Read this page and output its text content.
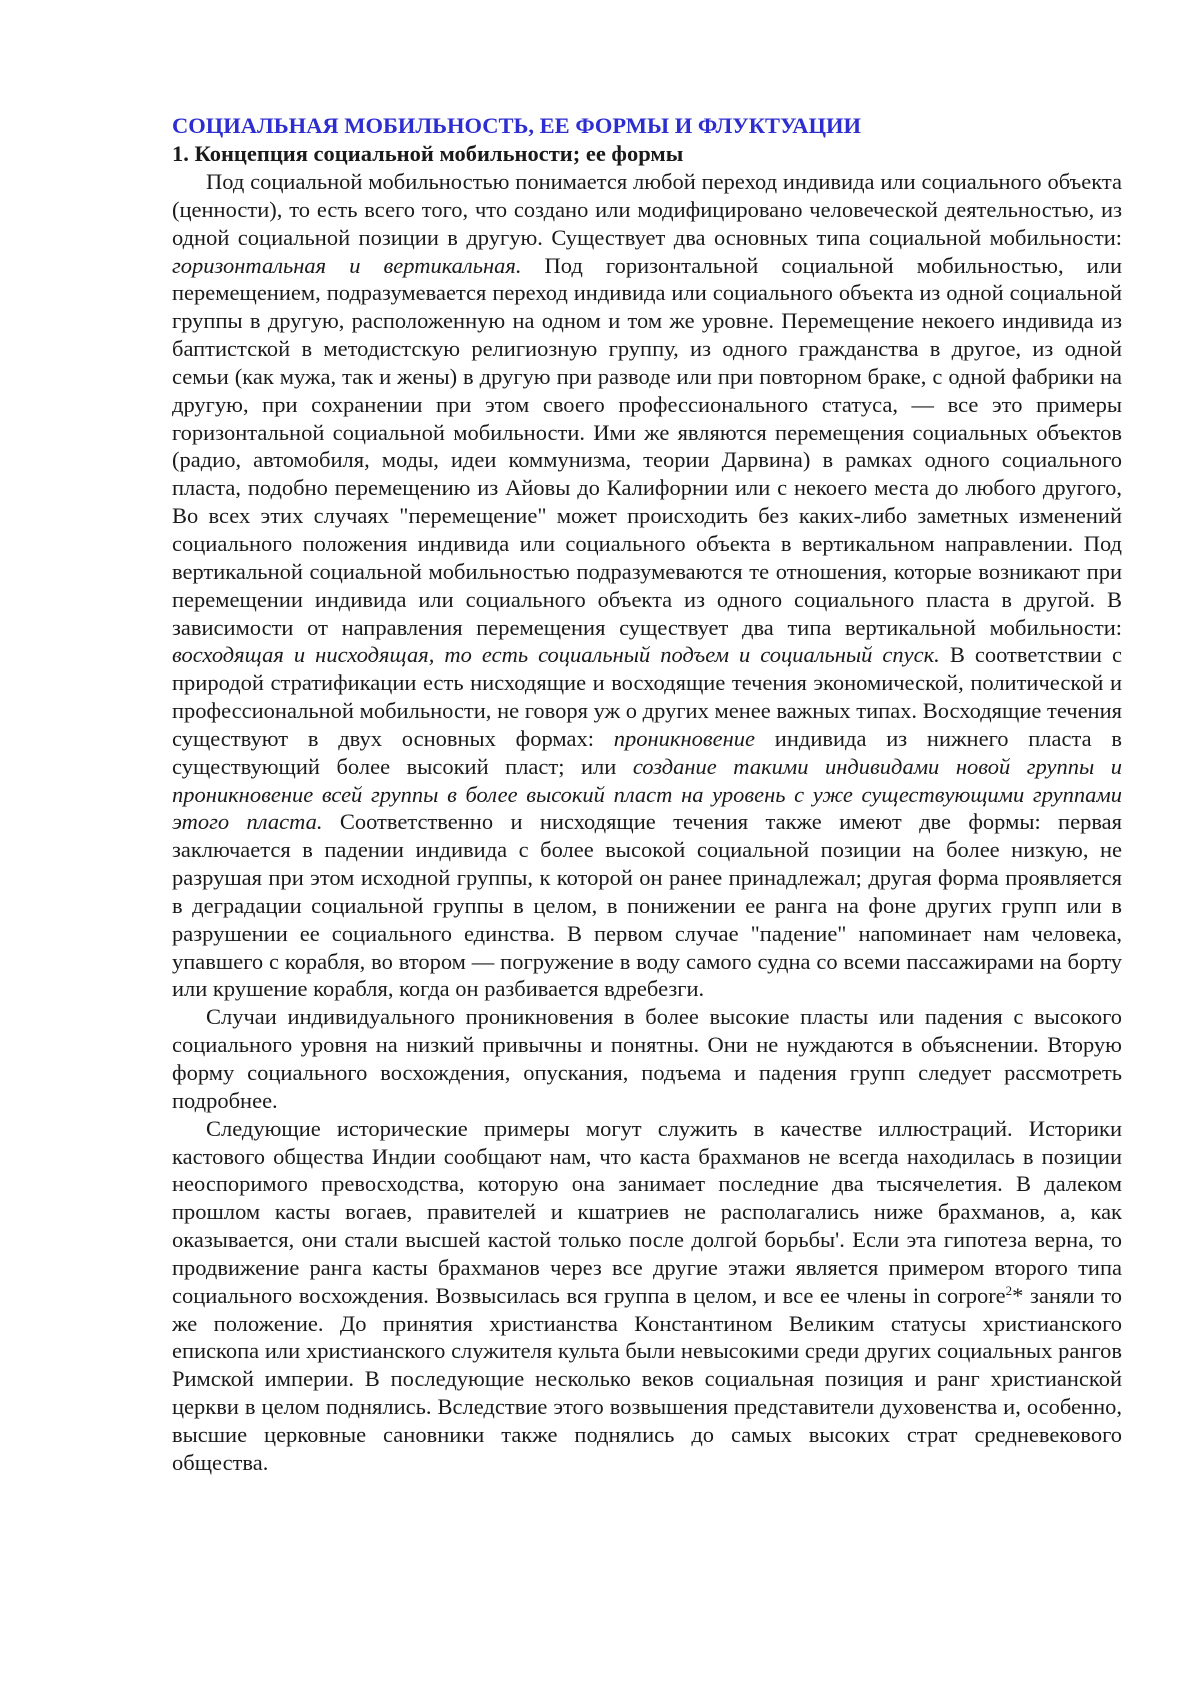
СОЦИАЛЬНАЯ МОБИЛЬНОСТЬ, ЕЕ ФОРМЫ И ФЛУКТУАЦИИ
1. Концепция социальной мобильности; ее формы

Под социальной мобильностью понимается любой переход индивида или социального объекта (ценности), то есть всего того, что создано или модифицировано человеческой деятельностью, из одной социальной позиции в другую. Существует два основных типа социальной мобильности: горизонтальная и вертикальная. Под горизонтальной социальной мобильностью, или перемещением, подразумевается переход индивида или социального объекта из одной социальной группы в другую, расположенную на одном и том же уровне. Перемещение некоего индивида из баптистской в методистскую религиозную группу, из одного гражданства в другое, из одной семьи (как мужа, так и жены) в другую при разводе или при повторном браке, с одной фабрики на другую, при сохранении при этом своего профессионального статуса, — все это примеры горизонтальной социальной мобильности. Ими же являются перемещения социальных объектов (радио, автомобиля, моды, идеи коммунизма, теории Дарвина) в рамках одного социального пласта, подобно перемещению из Айовы до Калифорнии или с некоего места до любого другого, Во всех этих случаях "перемещение" может происходить без каких-либо заметных изменений социального положения индивида или социального объекта в вертикальном направлении. Под вертикальной социальной мобильностью подразумеваются те отношения, которые возникают при перемещении индивида или социального объекта из одного социального пласта в другой. В зависимости от направления перемещения существует два типа вертикальной мобильности: восходящая и нисходящая, то есть социальный подъем и социальный спуск. В соответствии с природой стратификации есть нисходящие и восходящие течения экономической, политической и профессиональной мобильности, не говоря уж о других менее важных типах. Восходящие течения существуют в двух основных формах: проникновение индивида из нижнего пласта в существующий более высокий пласт; или создание такими индивидами новой группы и проникновение всей группы в более высокий пласт на уровень с уже существующими группами этого пласта. Соответственно и нисходящие течения также имеют две формы: первая заключается в падении индивида с более высокой социальной позиции на более низкую, не разрушая при этом исходной группы, к которой он ранее принадлежал; другая форма проявляется в деградации социальной группы в целом, в понижении ее ранга на фоне других групп или в разрушении ее социального единства. В первом случае "падение" напоминает нам человека, упавшего с корабля, во втором — погружение в воду самого судна со всеми пассажирами на борту или крушение корабля, когда он разбивается вдребезги.

Случаи индивидуального проникновения в более высокие пласты или падения с высокого социального уровня на низкий привычны и понятны. Они не нуждаются в объяснении. Вторую форму социального восхождения, опускания, подъема и падения групп следует рассмотреть подробнее.

Следующие исторические примеры могут служить в качестве иллюстраций. Историки кастового общества Индии сообщают нам, что каста брахманов не всегда находилась в позиции неоспоримого превосходства, которую она занимает последние два тысячелетия. В далеком прошлом касты вогаев, правителей и кшатриев не располагались ниже брахманов, а, как оказывается, они стали высшей кастой только после долгой борьбы'. Если эта гипотеза верна, то продвижение ранга касты брахманов через все другие этажи является примером второго типа социального восхождения. Возвысилась вся группа в целом, и все ее члены in corpore$^2$* заняли то же положение. До принятия христианства Константином Великим статусы христианского епископа или христианского служителя культа были невысокими среди других социальных рангов Римской империи. В последующие несколько веков социальная позиция и ранг христианской церкви в целом поднялись. Вследствие этого возвышения представители духовенства и, особенно, высшие церковные сановники также поднялись до самых высоких страт средневекового общества.
